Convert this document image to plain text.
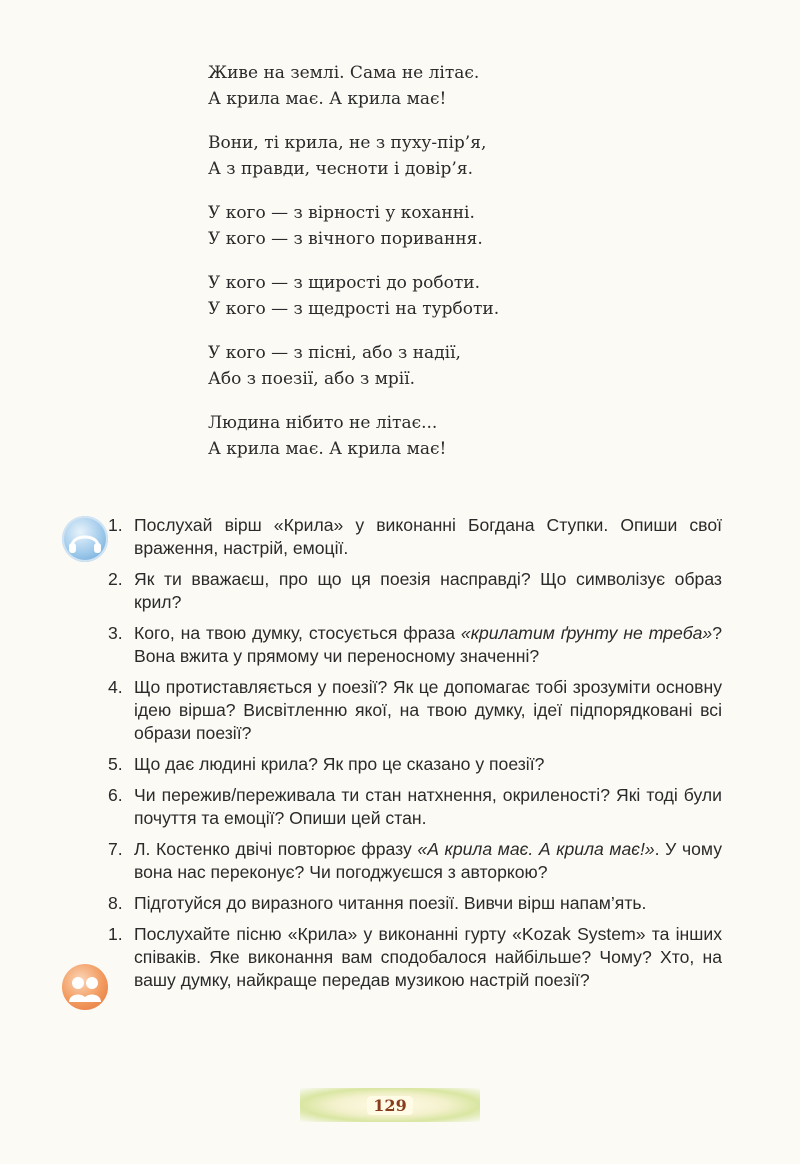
Живе на землі. Сама не літає.
А крила має. А крила має!
Вони, ті крила, не з пуху-пір’я,
А з правди, чесноти і довір’я.
У кого — з вірності у коханні.
У кого — з вічного поривання.
У кого — з щирості до роботи.
У кого — з щедрості на турботи.
У кого — з пісні, або з надії,
Або з поезії, або з мрії.
Людина нібито не літає...
А крила має. А крила має!
1. Послухай вірш «Крила» у виконанні Богдана Ступки. Опиши свої враження, настрій, емоції.
2. Як ти вважаєш, про що ця поезія насправді? Що символізує образ крил?
3. Кого, на твою думку, стосується фраза «крилатим ґрунту не треба»? Вона вжита у прямому чи переносному значенні?
4. Що протиставляється у поезії? Як це допомагає тобі зрозуміти основну ідею вірша? Висвітленню якої, на твою думку, ідеї підпорядковані всі образи поезії?
5. Що дає людині крила? Як про це сказано у поезії?
6. Чи пережив/переживала ти стан натхнення, окриленості? Які тоді були почуття та емоції? Опиши цей стан.
7. Л. Костенко двічі повторює фразу «А крила має. А крила має!». У чому вона нас переконує? Чи погоджуєшся з авторкою?
8. Підготуйся до виразного читання поезії. Вивчи вірш напам’ять.
1. Послухайте пісню «Крила» у виконанні гурту «Kozak System» та інших співаків. Яке виконання вам сподобалося найбільше? Чому? Хто, на вашу думку, найкраще передав музикою настрій поезії?
129
